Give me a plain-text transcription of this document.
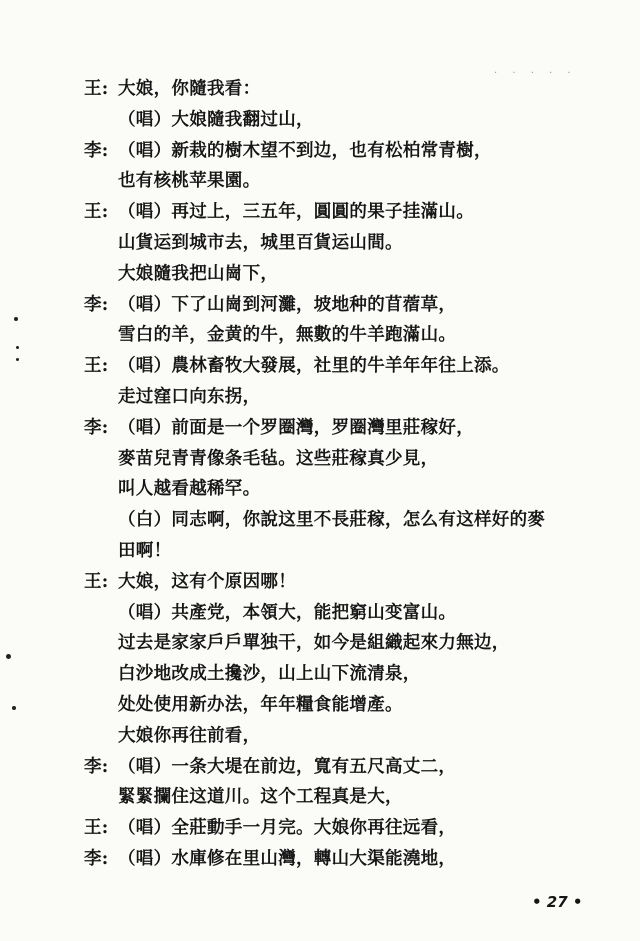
· · · · ·
王: 大娘，你隨我看：
（唱）大娘隨我翻过山，
李: （唱）新栽的樹木望不到边，也有松柏常青樹，
也有核桃苹果園。
王: （唱）再过上，三五年，圓圓的果子挂滿山。
山貨运到城市去，城里百貨运山間。
大娘隨我把山崗下，
李: （唱）下了山崗到河灘，坡地种的苜蓿草，
雪白的羊，金黄的牛，無數的牛羊跑滿山。
王: （唱）農林畜牧大發展，社里的牛羊年年往上添。
走过窪口向东拐，
李: （唱）前面是一个罗圈灣，罗圈灣里莊稼好，
麥苗兒青青像条毛毡。这些莊稼真少見，
叫人越看越稀罕。
（白）同志啊，你說这里不長莊稼，怎么有这样好的麥
田啊！
王: 大娘，这有个原因哪！
（唱）共產党，本領大，能把窮山变富山。
过去是家家戶戶單独干，如今是組織起來力無边，
白沙地改成土攙沙，山上山下流清泉，
处处使用新办法，年年糧食能增產。
大娘你再往前看，
李: （唱）一条大堤在前边，寬有五尺高丈二，
緊緊攔住这道川。这个工程真是大，
王: （唱）全莊動手一月完。大娘你再往远看，
李: （唱）水庫修在里山灣，轉山大渠能澆地，
• 27 •
